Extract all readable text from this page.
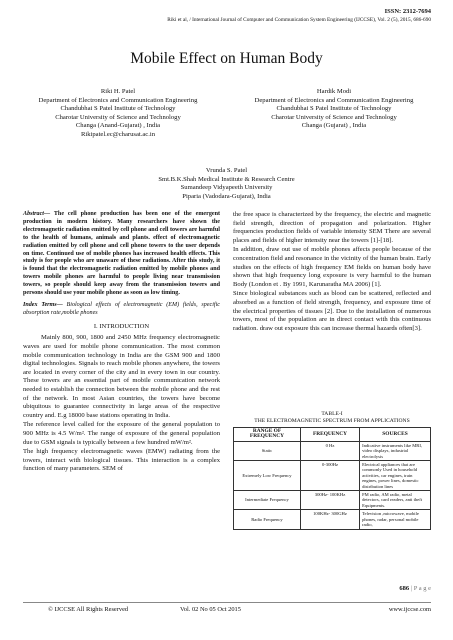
ISSN: 2312-7694
Riki et al, / International Journal of Computer and Communication System Engineering (IJCCSE), Vol. 2 (5), 2015, 686-690
Mobile Effect on Human Body
Riki H. Patel
Department of Electronics and Communication Engineering
Chandubhai S Patel Institute of Technology
Charotar University of Science and Technology
Changa (Anand-Gujarat) , India
Rikipatel.ec@charusat.ac.in
Hardik Modi
Department of Electronics and Communication Engineering
Chandubhai S Patel Institute of Technology
Charotar University of Science and Technology
Changa (Gujarat) , India
Vrunda S. Patel
Smt.B.K.Shah Medical Institute & Research Centre
Sumandeep Vidyapeeth University
Piparia (Vadodara-Gujarat), India

Abstract— The cell phone production has been one of the emergent production in modern history. Many researchers have shown the electromagnetic radiation emitted by cell phone and cell towers are harmful to the health of humans, animals and plants. effect of electromagnetic radiation emitted by cell phone and cell phone towers to the user depends on time. Continued use of mobile phones has increased health effects. This study is for people who are unaware of these radiations. After this study, it is found that the electromagnetic radiation emitted by mobile phones and towers mobile phones are harmful to people living near transmission towers, so people should keep away from the transmission towers and persons should use your mobile phone as soon as low timing.

Index Terms— Biological effects of electromagnetic (EM) fields, specific absorption rate,mobile phones

I. INTRODUCTION

Mainly 800, 900, 1800 and 2450 MHz frequency electromagnetic waves are used for mobile phone communication. The most common mobile communication technology in India are the GSM 900 and 1800 digital technologies. Signals to reach mobile phones anywhere, the towers are located in every corner of the city and in every town in our country. These towers are an essential part of mobile communication network needed to establish the connection between the mobile phone and the rest of the network. In most Asian countries, the towers have become ubiquitous to guarantee connectivity in large areas of the respective country and. E.g 18000 base stations operating in India.

The reference level called for the exposure of the general population to 900 MHz is 4.5 W/m². The range of exposure of the general population due to GSM signals is typically between a few hundred mW/m².

The high frequency electromagnetic waves (EMW) radiating from the towers, interact with biological tissues. This interaction is a complex function of many parameters. SEM of

the free space is characterized by the frequency, the electric and magnetic field strength, direction of propagation and polarization. Higher frequencies production fields of variable intensity SEM There are several places and fields of higher intensity near the towers [1]-[18].

In addition, draw out use of mobile phones affects people because of the concentration field and resonance in the vicinity of the human brain. Early studies on the effects of high frequency EM fields on human body have shown that high frequency long exposure is very harmful to the human Body (London et . By 1991, Karunaratha MA 2006) [1].

Since biological substances such as blood can be scattered, reflected and absorbed as a function of field strength, frequency, and exposure time of the electrical properties of tissues [2]. Due to the installation of numerous towers, most of the population are in direct contact with this continuous radiation. draw out exposure this can increase thermal hazards often[3].

TABLE-I
THE ELECTROMAGNETIC SPECTRUM FROM APPLICATIONS
RANGE OF FREQUENCY	FREQUENCY	SOURCES
Static	0 Hz	Indicative instruments like MRI, video displays, industrial electrolysis
Extremely Low Frequency	0-300Hz	Electrical appliances that are commonly Used in household activities, car engines, train engines, power lines, domestic distribution lines
Intermediate Frequency	300Hz- 100KHz	FM radio, AM radio, metal detectors, card readers, anti theft Equipments.
Radio Frequency	100KHz- 300GHz	Television ,microwave, mobile phones, radar, personal mobile radio,
686 | P a g e
© IJCCSE All Rights Reserved	Vol. 02 No 05 Oct 2015	www.ijccse.com
